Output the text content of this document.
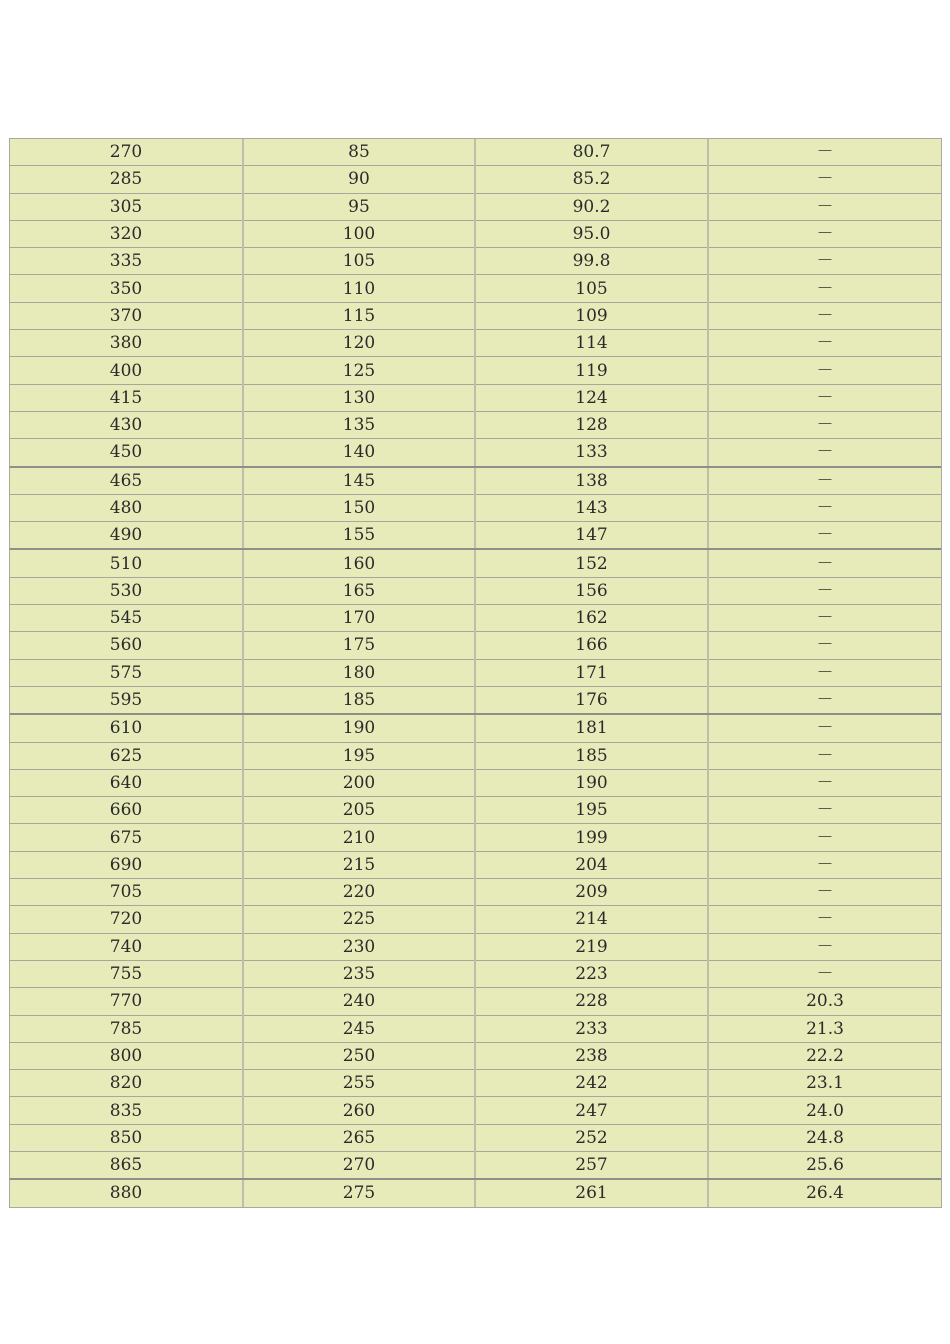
270	85	80.7	－
285	90	85.2	－
305	95	90.2	－
320	100	95.0	－
335	105	99.8	－
350	110	105	－
370	115	109	－
380	120	114	－
400	125	119	－
415	130	124	－
430	135	128	－
450	140	133	－
465	145	138	－
480	150	143	－
490	155	147	－
510	160	152	－
530	165	156	－
545	170	162	－
560	175	166	－
575	180	171	－
595	185	176	－
610	190	181	－
625	195	185	－
640	200	190	－
660	205	195	－
675	210	199	－
690	215	204	－
705	220	209	－
720	225	214	－
740	230	219	－
755	235	223	－
770	240	228	20.3
785	245	233	21.3
800	250	238	22.2
820	255	242	23.1
835	260	247	24.0
850	265	252	24.8
865	270	257	25.6
880	275	261	26.4
